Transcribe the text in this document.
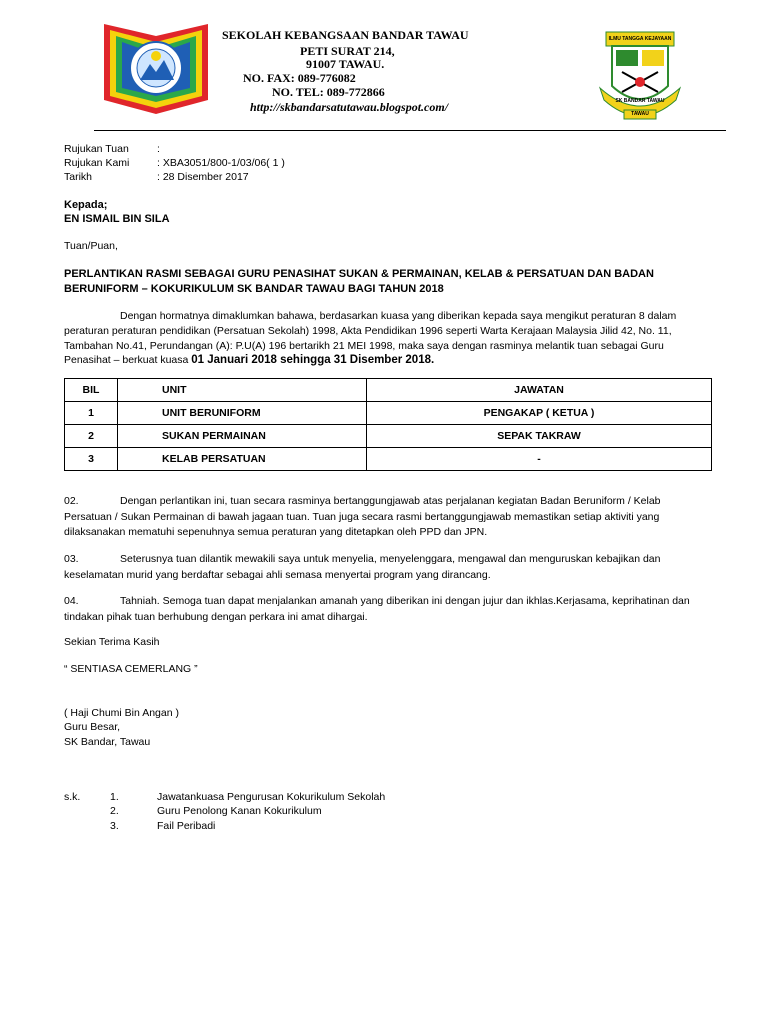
SEKOLAH KEBANGSAAN BANDAR TAWAU
PETI SURAT 214,
91007 TAWAU.
NO. FAX: 089-776082
NO. TEL: 089-772866
http://skbandarsatutawau.blogspot.com/
ILMU TANGGA KEJAYAAN
SK BANDAR TAWAU
TAWAU
Rujukan Tuan	:
Rujukan Kami	: XBA3051/800-1/03/06( 1 )
Tarikh	: 28 Disember 2017
Kepada;
EN ISMAIL BIN SILA
Tuan/Puan,
PERLANTIKAN RASMI SEBAGAI GURU PENASIHAT SUKAN & PERMAINAN, KELAB & PERSATUAN DAN BADAN
BERUNIFORM – KOKURIKULUM SK BANDAR TAWAU BAGI TAHUN 2018
Dengan hormatnya dimaklumkan bahawa, berdasarkan kuasa yang diberikan kepada saya mengikut peraturan 8 dalam
peraturan peraturan pendidikan (Persatuan Sekolah) 1998, Akta Pendidikan 1996 seperti Warta Kerajaan Malaysia Jilid 42, No. 11,
Tambahan No.41, Perundangan (A): P.U(A) 196 bertarikh 21 MEI 1998, maka saya dengan rasminya melantik tuan sebagai Guru
Penasihat – berkuat kuasa 01 Januari 2018 sehingga 31 Disember 2018.
BIL	UNIT	JAWATAN
1	UNIT BERUNIFORM	PENGAKAP ( KETUA )
2	SUKAN PERMAINAN	SEPAK TAKRAW
3	KELAB PERSATUAN	-
02.	Dengan perlantikan ini, tuan secara rasminya bertanggungjawab atas perjalanan kegiatan Badan Beruniform / Kelab
Persatuan / Sukan Permainan di bawah jagaan tuan. Tuan juga secara rasmi bertanggungjawab memastikan setiap aktiviti yang
dilaksanakan mematuhi sepenuhnya semua peraturan yang ditetapkan oleh PPD dan JPN.
03.	Seterusnya tuan dilantik mewakili saya untuk menyelia, menyelenggara, mengawal dan menguruskan kebajikan dan
keselamatan murid yang berdaftar sebagai ahli semasa menyertai program yang dirancang.
04.	Tahniah. Semoga tuan dapat menjalankan amanah yang diberikan ini dengan jujur dan ikhlas.Kerjasama, keprihatinan dan
tindakan pihak tuan berhubung dengan perkara ini amat dihargai.
Sekian Terima Kasih
“ SENTIASA CEMERLANG ”
( Haji Chumi Bin Angan )
Guru Besar,
SK Bandar, Tawau
s.k.	1.	Jawatankuasa Pengurusan Kokurikulum Sekolah
2.	Guru Penolong Kanan Kokurikulum
3.	Fail Peribadi
